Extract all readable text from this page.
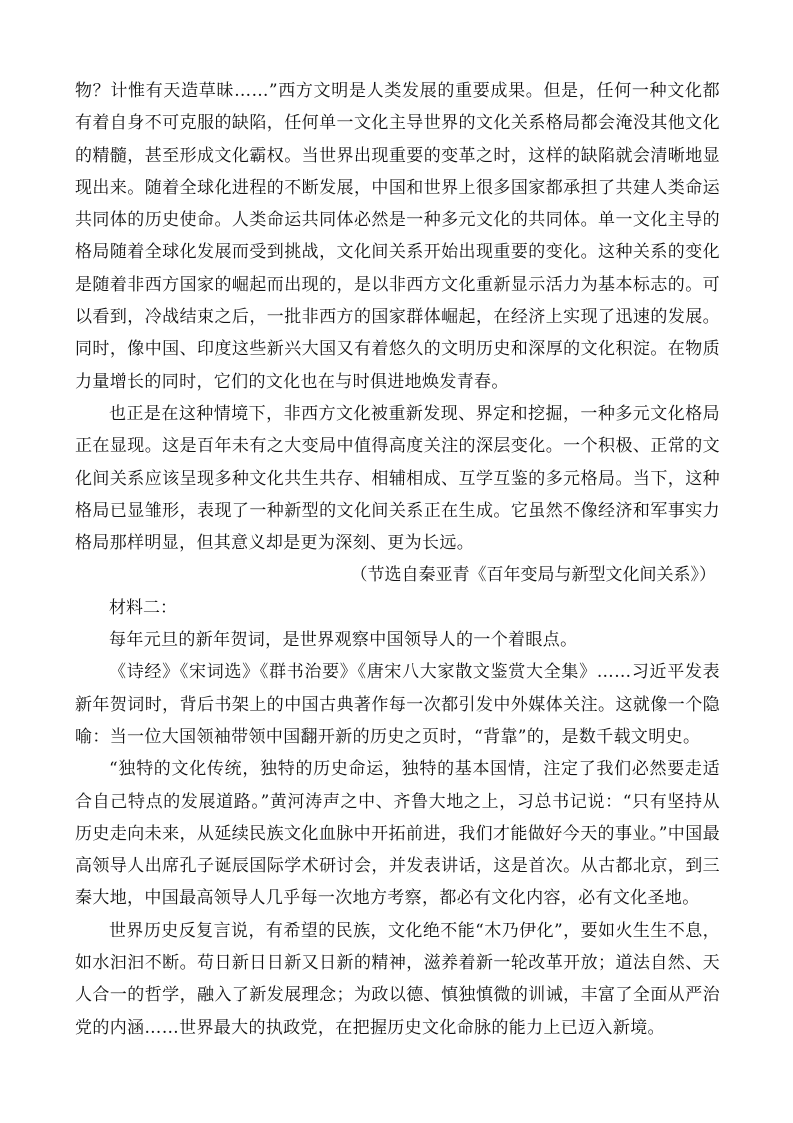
物？计惟有天造草昧……”西方文明是人类发展的重要成果。但是，任何一种文化都有着自身不可克服的缺陷，任何单一文化主导世界的文化关系格局都会淹没其他文化的精髓，甚至形成文化霸权。当世界出现重要的变革之时，这样的缺陷就会清晰地显现出来。随着全球化进程的不断发展，中国和世界上很多国家都承担了共建人类命运共同体的历史使命。人类命运共同体必然是一种多元文化的共同体。单一文化主导的格局随着全球化发展而受到挑战，文化间关系开始出现重要的变化。这种关系的变化是随着非西方国家的崛起而出现的，是以非西方文化重新显示活力为基本标志的。可以看到，冷战结束之后，一批非西方的国家群体崛起，在经济上实现了迅速的发展。同时，像中国、印度这些新兴大国又有着悠久的文明历史和深厚的文化积淀。在物质力量增长的同时，它们的文化也在与时俱进地焕发青春。

也正是在这种情境下，非西方文化被重新发现、界定和挖掘，一种多元文化格局正在显现。这是百年未有之大变局中值得高度关注的深层变化。一个积极、正常的文化间关系应该呈现多种文化共生共存、相辅相成、互学互鉴的多元格局。当下，这种格局已显雏形，表现了一种新型的文化间关系正在生成。它虽然不像经济和军事实力格局那样明显，但其意义却是更为深刻、更为长远。

（节选自秦亚青《百年变局与新型文化间关系》）

材料二：

每年元旦的新年贺词，是世界观察中国领导人的一个着眼点。

《诗经》《宋词选》《群书治要》《唐宋八大家散文鉴赏大全集》……习近平发表新年贺词时，背后书架上的中国古典著作每一次都引发中外媒体关注。这就像一个隐喻：当一位大国领袖带领中国翻开新的历史之页时，“背靠”的，是数千载文明史。

“独特的文化传统，独特的历史命运，独特的基本国情，注定了我们必然要走适合自己特点的发展道路。”黄河涛声之中、齐鲁大地之上，习总书记说：“只有坚持从历史走向未来，从延续民族文化血脉中开拓前进，我们才能做好今天的事业。”中国最高领导人出席孔子诞辰国际学术研讨会，并发表讲话，这是首次。从古都北京，到三秦大地，中国最高领导人几乎每一次地方考察，都必有文化内容，必有文化圣地。

世界历史反复言说，有希望的民族，文化绝不能“木乃伊化”，要如火生生不息，如水汩汩不断。苟日新日日新又日新的精神，滋养着新一轮改革开放；道法自然、天人合一的哲学，融入了新发展理念；为政以德、慎独慎微的训诫，丰富了全面从严治党的内涵……世界最大的执政党，在把握历史文化命脉的能力上已迈入新境。
